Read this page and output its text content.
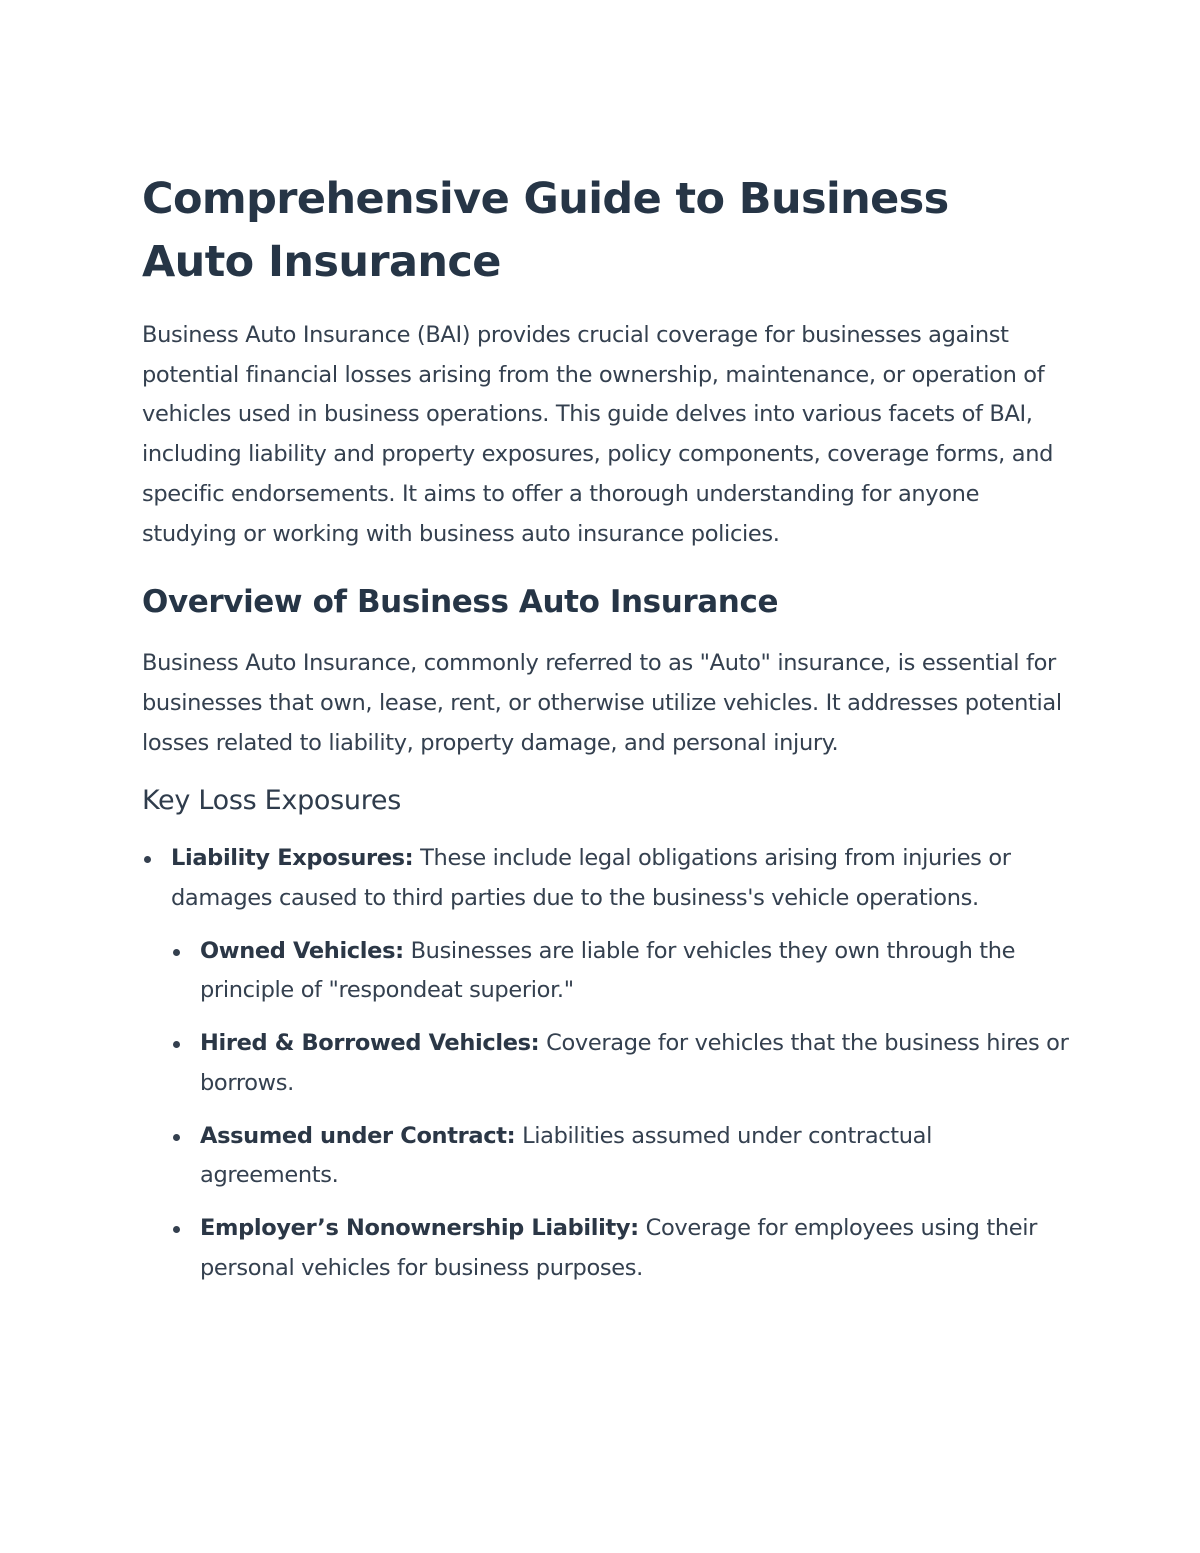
Comprehensive Guide to Business Auto Insurance

Business Auto Insurance (BAI) provides crucial coverage for businesses against potential financial losses arising from the ownership, maintenance, or operation of vehicles used in business operations. This guide delves into various facets of BAI, including liability and property exposures, policy components, coverage forms, and specific endorsements. It aims to offer a thorough understanding for anyone studying or working with business auto insurance policies.

Overview of Business Auto Insurance

Business Auto Insurance, commonly referred to as "Auto" insurance, is essential for businesses that own, lease, rent, or otherwise utilize vehicles. It addresses potential losses related to liability, property damage, and personal injury.

Key Loss Exposures
Liability Exposures: These include legal obligations arising from injuries or damages caused to third parties due to the business's vehicle operations.
Owned Vehicles: Businesses are liable for vehicles they own through the principle of "respondeat superior."
Hired & Borrowed Vehicles: Coverage for vehicles that the business hires or borrows.
Assumed under Contract: Liabilities assumed under contractual agreements.
Employer’s Nonownership Liability: Coverage for employees using their personal vehicles for business purposes.
